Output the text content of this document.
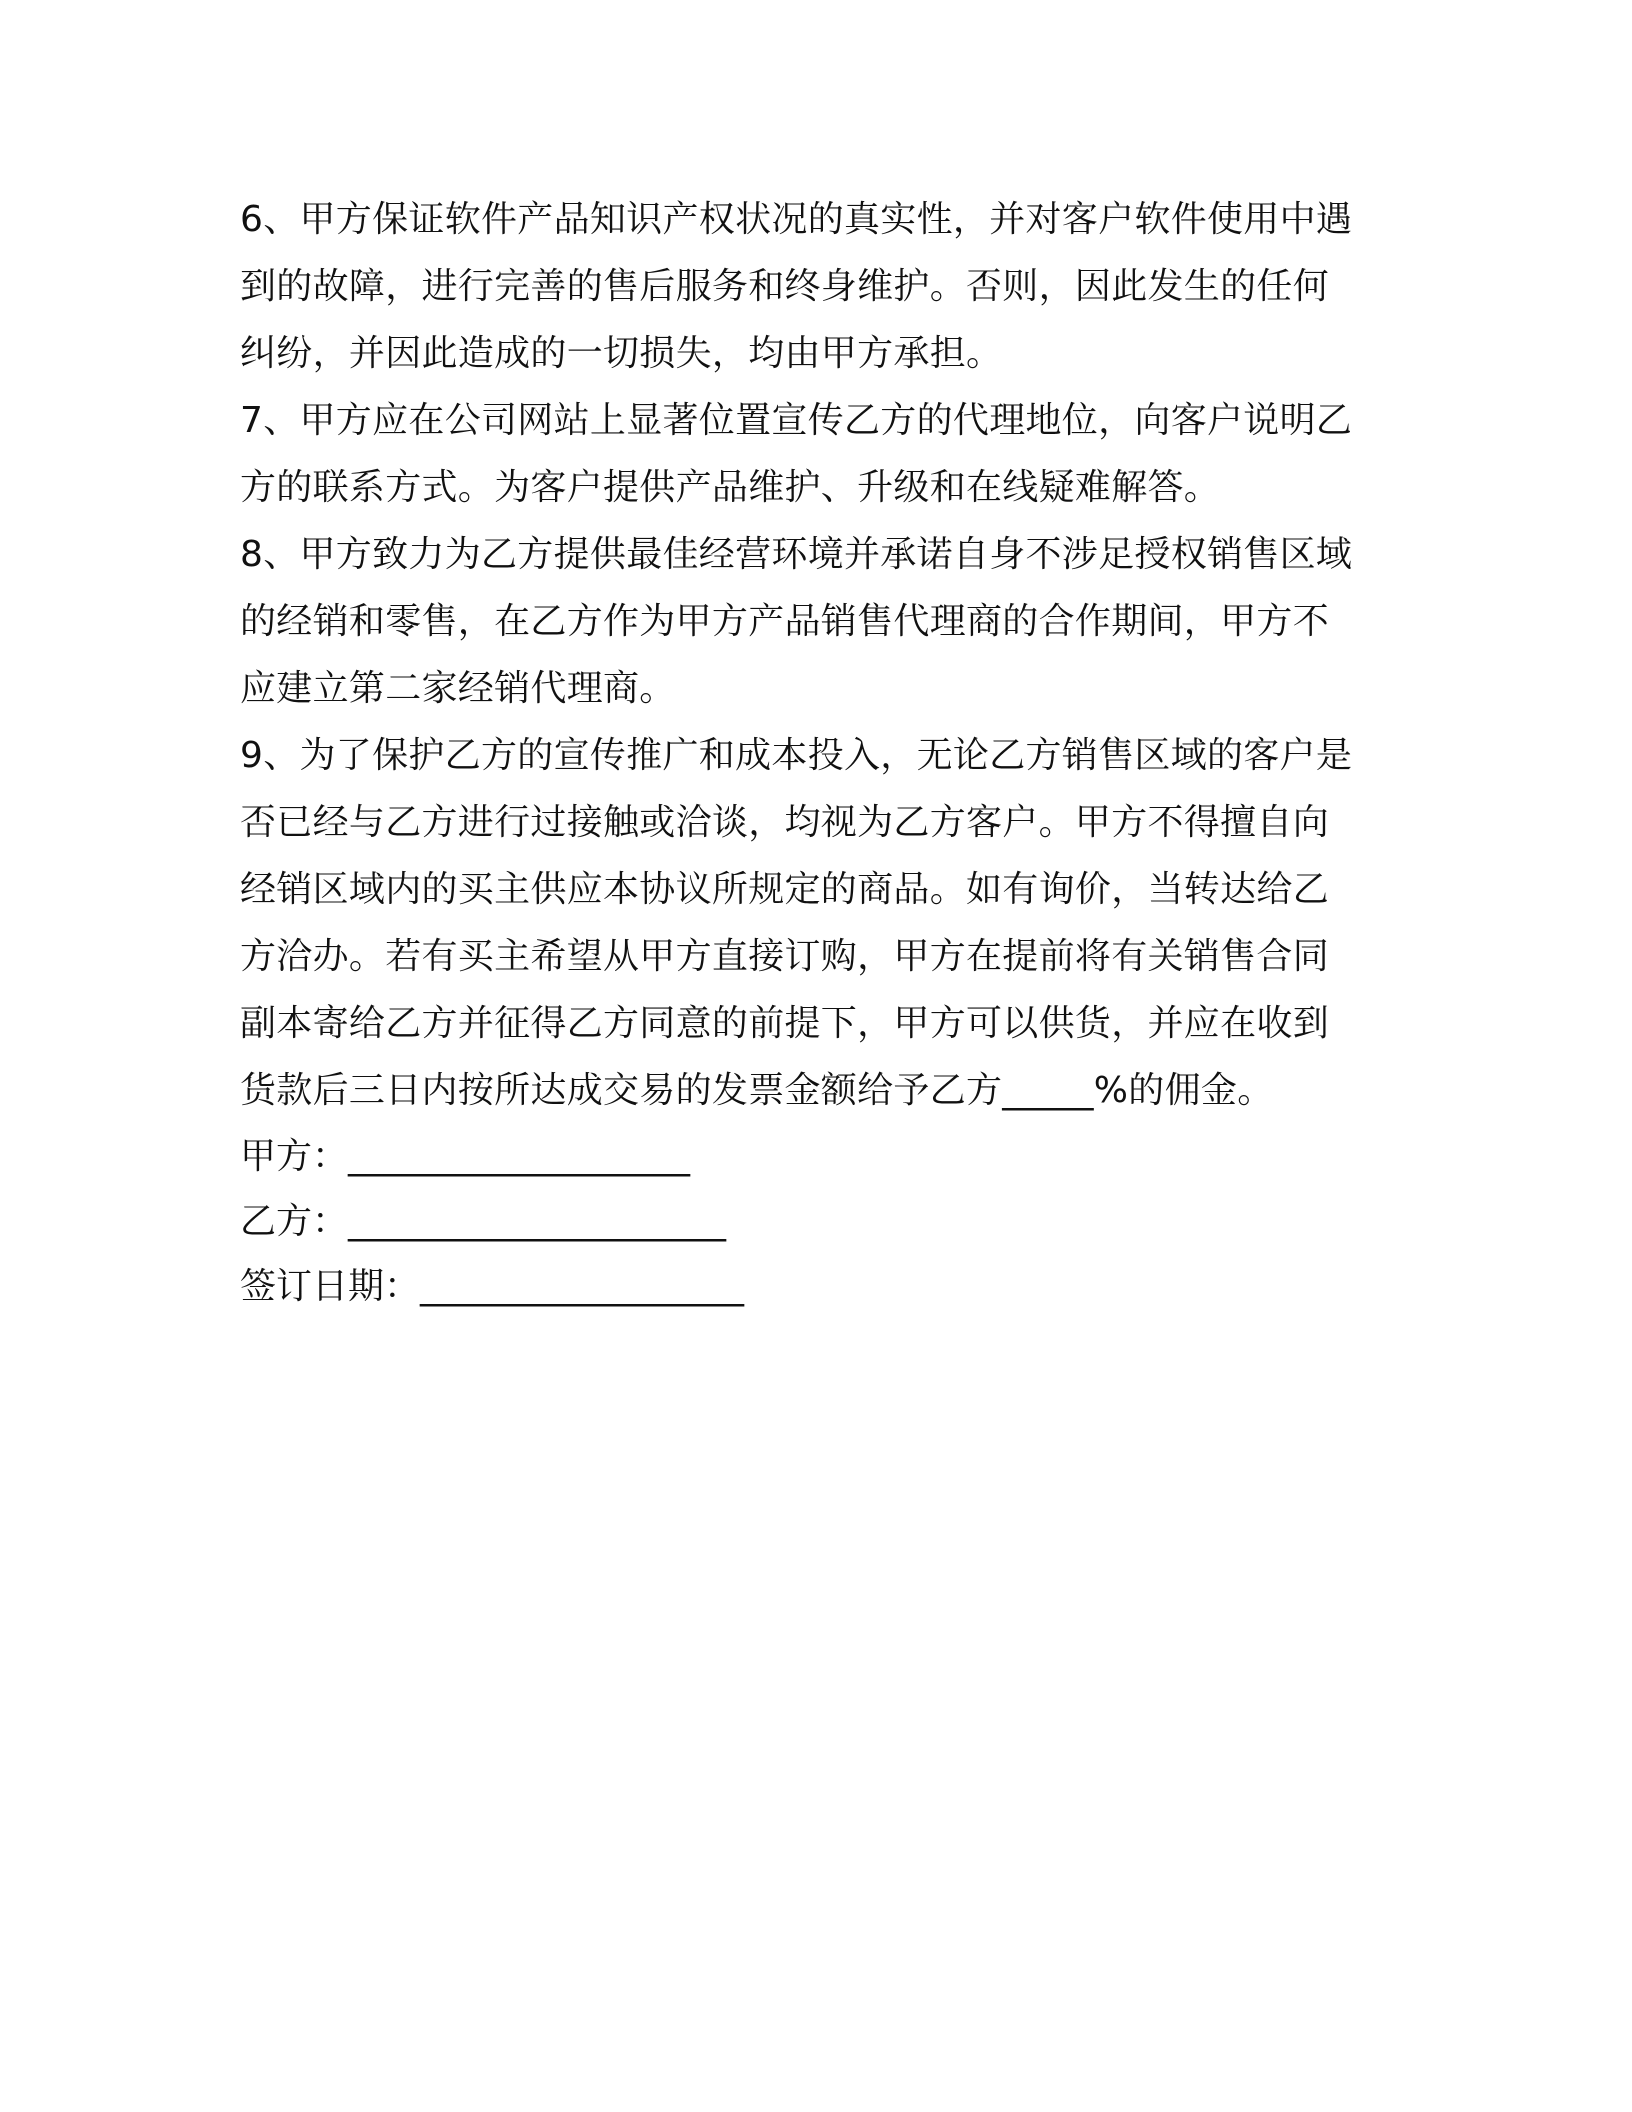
6、甲方保证软件产品知识产权状况的真实性，并对客户软件使用中遇

到的故障，进行完善的售后服务和终身维护。否则，因此发生的任何

纠纷，并因此造成的一切损失，均由甲方承担。

7、甲方应在公司网站上显著位置宣传乙方的代理地位，向客户说明乙

方的联系方式。为客户提供产品维护、升级和在线疑难解答。

8、甲方致力为乙方提供最佳经营环境并承诺自身不涉足授权销售区域

的经销和零售，在乙方作为甲方产品销售代理商的合作期间，甲方不

应建立第二家经销代理商。

9、为了保护乙方的宣传推广和成本投入，无论乙方销售区域的客户是

否已经与乙方进行过接触或洽谈，均视为乙方客户。甲方不得擅自向

经销区域内的买主供应本协议所规定的商品。如有询价，当转达给乙

方洽办。若有买主希望从甲方直接订购，甲方在提前将有关销售合同

副本寄给乙方并征得乙方同意的前提下，甲方可以供货，并应在收到

货款后三日内按所达成交易的发票金额给予乙方_____%的佣金。

甲方：___________________
乙方：_____________________
签订日期：__________________
